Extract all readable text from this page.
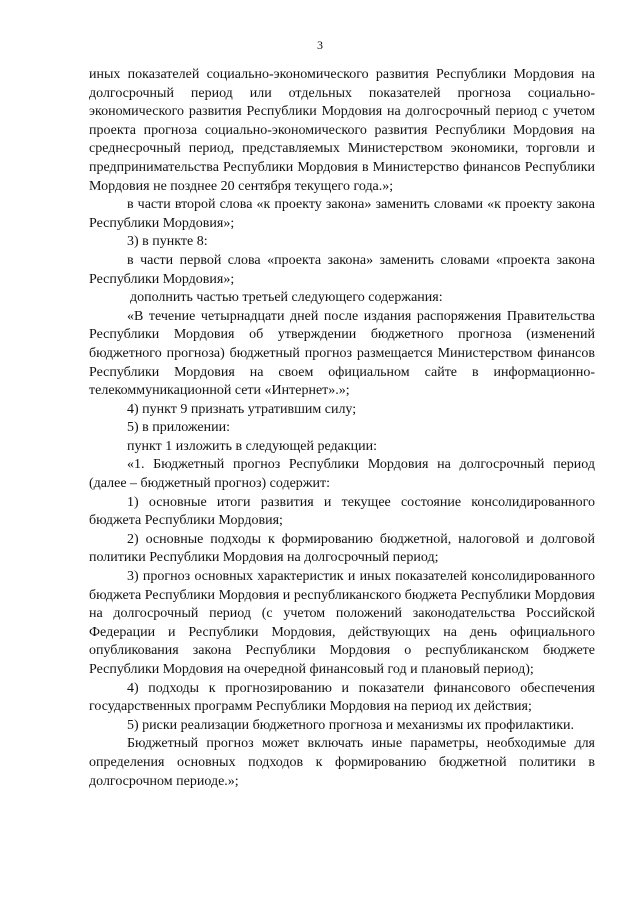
3

иных показателей социально-экономического развития Республики Мордовия на долгосрочный период или отдельных показателей прогноза социально-экономического развития Республики Мордовия на долгосрочный период с учетом проекта прогноза социально-экономического развития Республики Мордовия на среднесрочный период, представляемых Министерством экономики, торговли и предпринимательства Республики Мордовия в Министерство финансов Республики Мордовия не позднее 20 сентября текущего года.»;

в части второй слова «к проекту закона» заменить словами «к проекту закона Республики Мордовия»;

3) в пункте 8:

в части первой слова «проекта закона» заменить словами «проекта закона Республики Мордовия»;

дополнить частью третьей следующего содержания:

«В течение четырнадцати дней после издания распоряжения Правительства Республики Мордовия об утверждении бюджетного прогноза (изменений бюджетного прогноза) бюджетный прогноз размещается Министерством финансов Республики Мордовия на своем официальном сайте в информационно-телекоммуникационной сети «Интернет».»;

4) пункт 9 признать утратившим силу;

5) в приложении:

пункт 1 изложить в следующей редакции:

«1. Бюджетный прогноз Республики Мордовия на долгосрочный период (далее – бюджетный прогноз) содержит:

1) основные итоги развития и текущее состояние консолидированного бюджета Республики Мордовия;

2) основные подходы к формированию бюджетной, налоговой и долговой политики Республики Мордовия на долгосрочный период;

3) прогноз основных характеристик и иных показателей консолидированного бюджета Республики Мордовия и республиканского бюджета Республики Мордовия на долгосрочный период (с учетом положений законодательства Российской Федерации и Республики Мордовия, действующих на день официального опубликования закона Республики Мордовия о республиканском бюджете Республики Мордовия на очередной финансовый год и плановый период);

4) подходы к прогнозированию и показатели финансового обеспечения государственных программ Республики Мордовия на период их действия;

5) риски реализации бюджетного прогноза и механизмы их профилактики.

Бюджетный прогноз может включать иные параметры, необходимые для определения основных подходов к формированию бюджетной политики в долгосрочном периоде.»;
